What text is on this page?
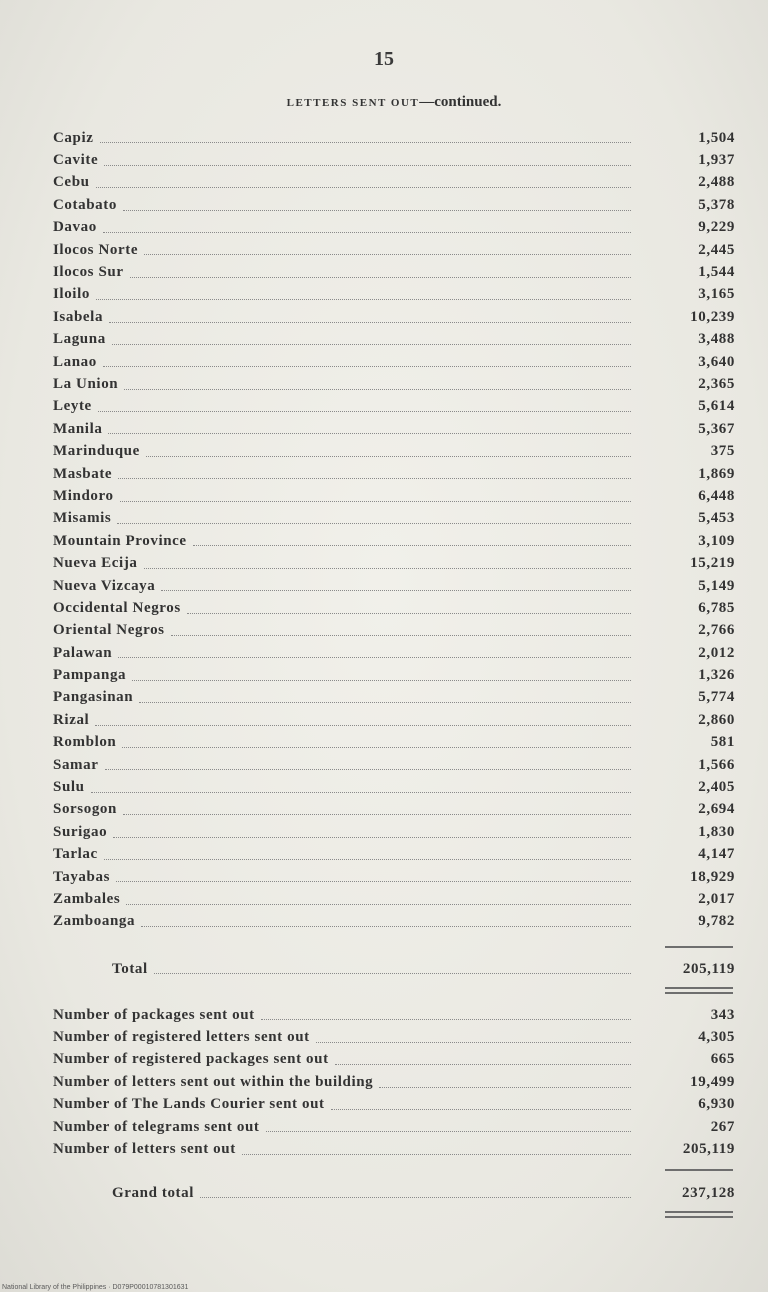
15
LETTERS SENT OUT—continued.
Capiz	1,504
Cavite	1,937
Cebu	2,488
Cotabato	5,378
Davao	9,229
Ilocos Norte	2,445
Ilocos Sur	1,544
Iloilo	3,165
Isabela	10,239
Laguna	3,488
Lanao	3,640
La Union	2,365
Leyte	5,614
Manila	5,367
Marinduque	375
Masbate	1,869
Mindoro	6,448
Misamis	5,453
Mountain Province	3,109
Nueva Ecija	15,219
Nueva Vizcaya	5,149
Occidental Negros	6,785
Oriental Negros	2,766
Palawan	2,012
Pampanga	1,326
Pangasinan	5,774
Rizal	2,860
Romblon	581
Samar	1,566
Sulu	2,405
Sorsogon	2,694
Surigao	1,830
Tarlac	4,147
Tayabas	18,929
Zambales	2,017
Zamboanga	9,782
Total	205,119
Number of packages sent out	343
Number of registered letters sent out	4,305
Number of registered packages sent out	665
Number of letters sent out within the building	19,499
Number of The Lands Courier sent out	6,930
Number of telegrams sent out	267
Number of letters sent out	205,119
Grand total	237,128
National Library of the Philippines · D079P00010781301631
